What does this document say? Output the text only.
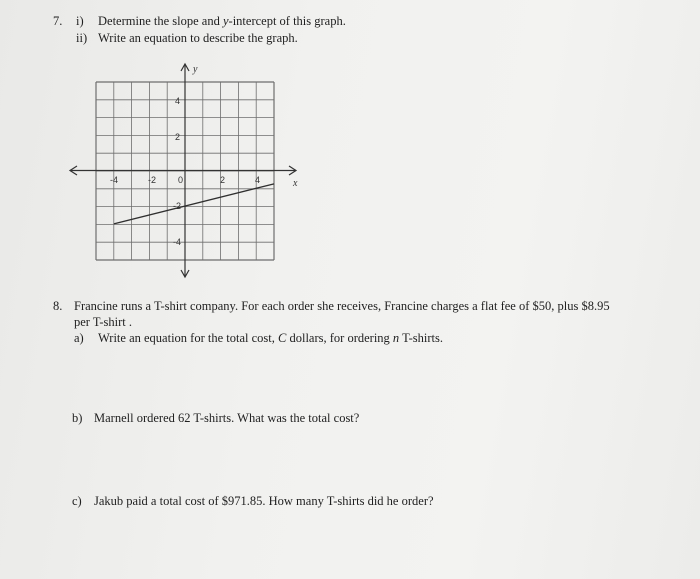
7. i) Determine the slope and y-intercept of this graph.
ii) Write an equation to describe the graph.
y
x
-4	-2 0	2	4
4
2
-2
-4
8. Francine runs a T-shirt company. For each order she receives, Francine charges a flat fee of $50, plus $8.95
per T-shirt .
a) Write an equation for the total cost, C dollars, for ordering n T-shirts.
b) Marnell ordered 62 T-shirts. What was the total cost?
c) Jakub paid a total cost of $971.85. How many T-shirts did he order?
